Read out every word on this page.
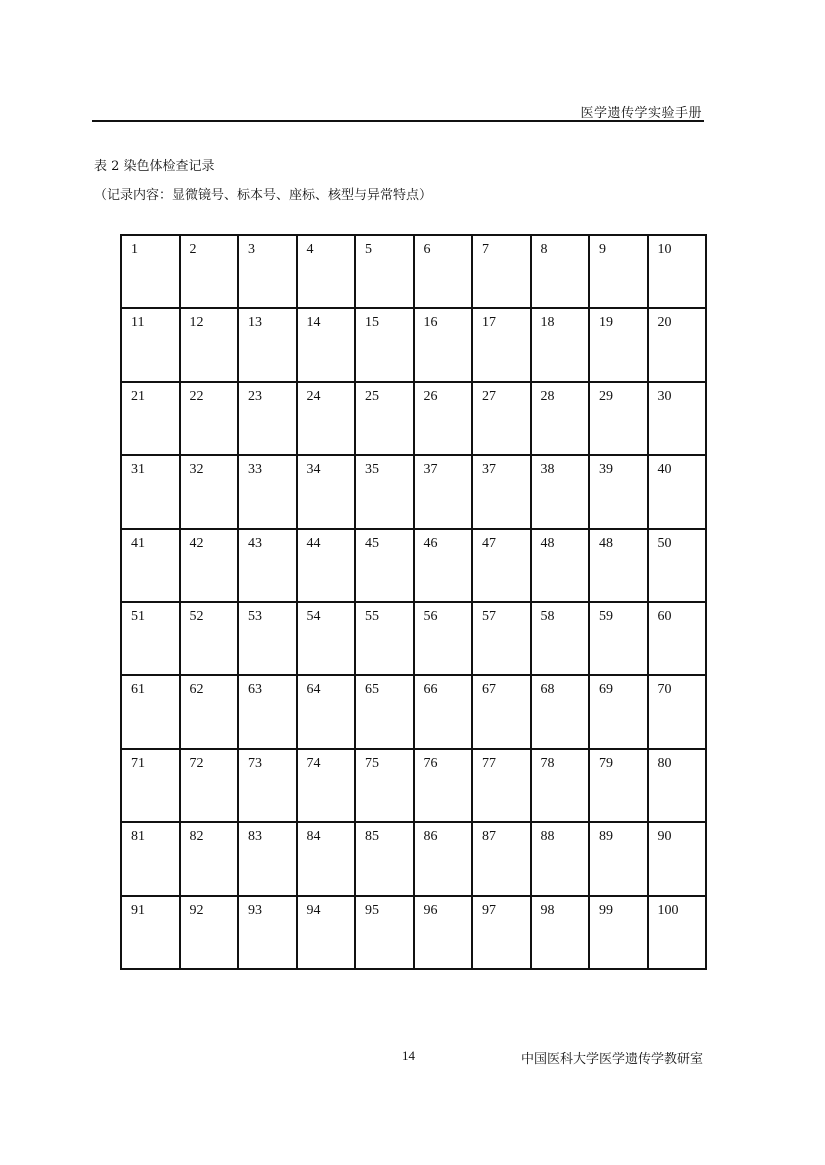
医学遗传学实验手册
表 2 染色体检查记录
（记录内容：显微镜号、标本号、座标、核型与异常特点）
1	2	3	4	5	6	7	8	9	10
11	12	13	14	15	16	17	18	19	20
21	22	23	24	25	26	27	28	29	30
31	32	33	34	35	37	37	38	39	40
41	42	43	44	45	46	47	48	48	50
51	52	53	54	55	56	57	58	59	60
61	62	63	64	65	66	67	68	69	70
71	72	73	74	75	76	77	78	79	80
81	82	83	84	85	86	87	88	89	90
91	92	93	94	95	96	97	98	99	100
14	中国医科大学医学遗传学教研室
